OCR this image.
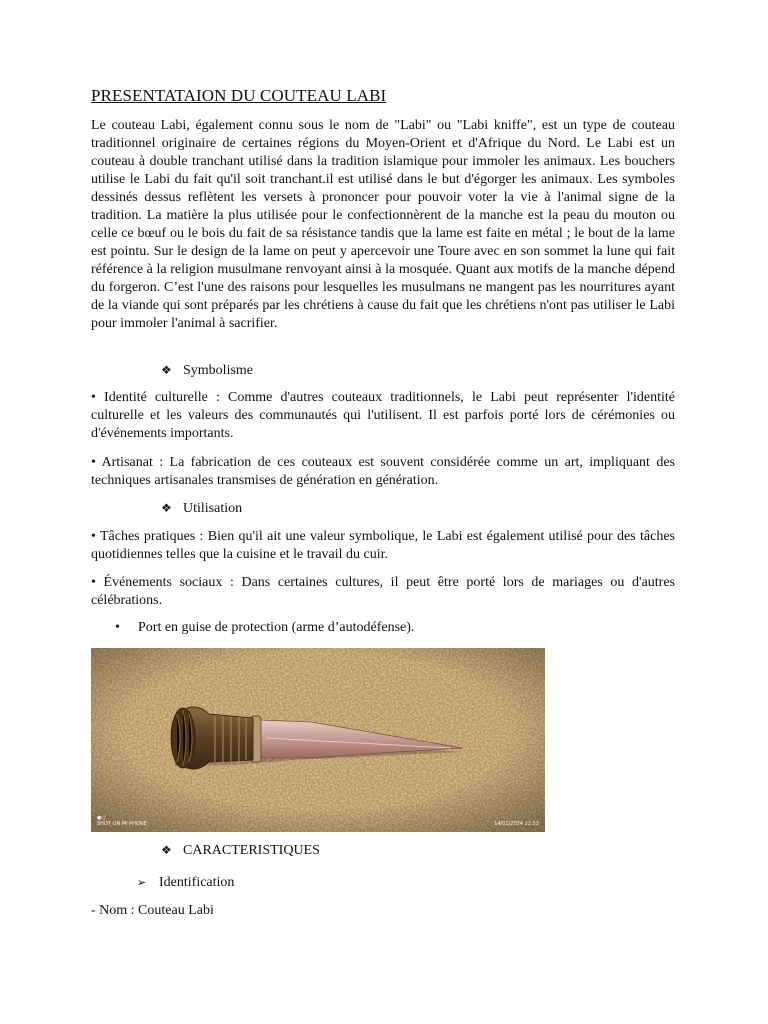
PRESENTATAION DU COUTEAU LABI
Le couteau Labi, également connu sous le nom de "Labi" ou "Labi kniffe", est un type de couteau traditionnel originaire de certaines régions du Moyen-Orient et d'Afrique du Nord. Le Labi est un couteau à double tranchant utilisé dans la tradition islamique pour immoler les animaux. Les bouchers utilise le Labi du fait qu'il soit tranchant.il est utilisé dans le but d'égorger les animaux. Les symboles dessinés dessus reflètent les versets à prononcer pour pouvoir voter la vie à l'animal signe de la tradition. La matière la plus utilisée pour le confectionnèrent de la manche est la peau du mouton ou celle ce bœuf ou le bois du fait de sa résistance tandis que la lame est faite en métal ; le bout de la lame est pointu. Sur le design de la lame on peut y apercevoir une Toure avec en son sommet la lune qui fait référence à la religion musulmane renvoyant ainsi à la mosquée. Quant aux motifs de la manche dépend du forgeron. C’est l'une des raisons pour lesquelles les musulmans ne mangent pas les nourritures ayant de la viande qui sont préparés par les chrétiens à cause du fait que les chrétiens n'ont pas utiliser le Labi pour immoler l'animal à sacrifier.
❖ Symbolisme
• Identité culturelle : Comme d'autres couteaux traditionnels, le Labi peut représenter l'identité culturelle et les valeurs des communautés qui l'utilisent. Il est parfois porté lors de cérémonies ou d'événements importants.
• Artisanat : La fabrication de ces couteaux est souvent considérée comme un art, impliquant des techniques artisanales transmises de génération en génération.
❖ Utilisation
• Tâches pratiques : Bien qu'il ait une valeur symbolique, le Labi est également utilisé pour des tâches quotidiennes telles que la cuisine et le travail du cuir.
• Événements sociaux : Dans certaines cultures, il peut être porté lors de mariages ou d'autres célébrations.
• Port en guise de protection (arme d’autodéfense).
●○
SHOT ON MI PHONE	14/01/2024 22:53
❖ CARACTERISTIQUES
➢ Identification
- Nom : Couteau Labi
